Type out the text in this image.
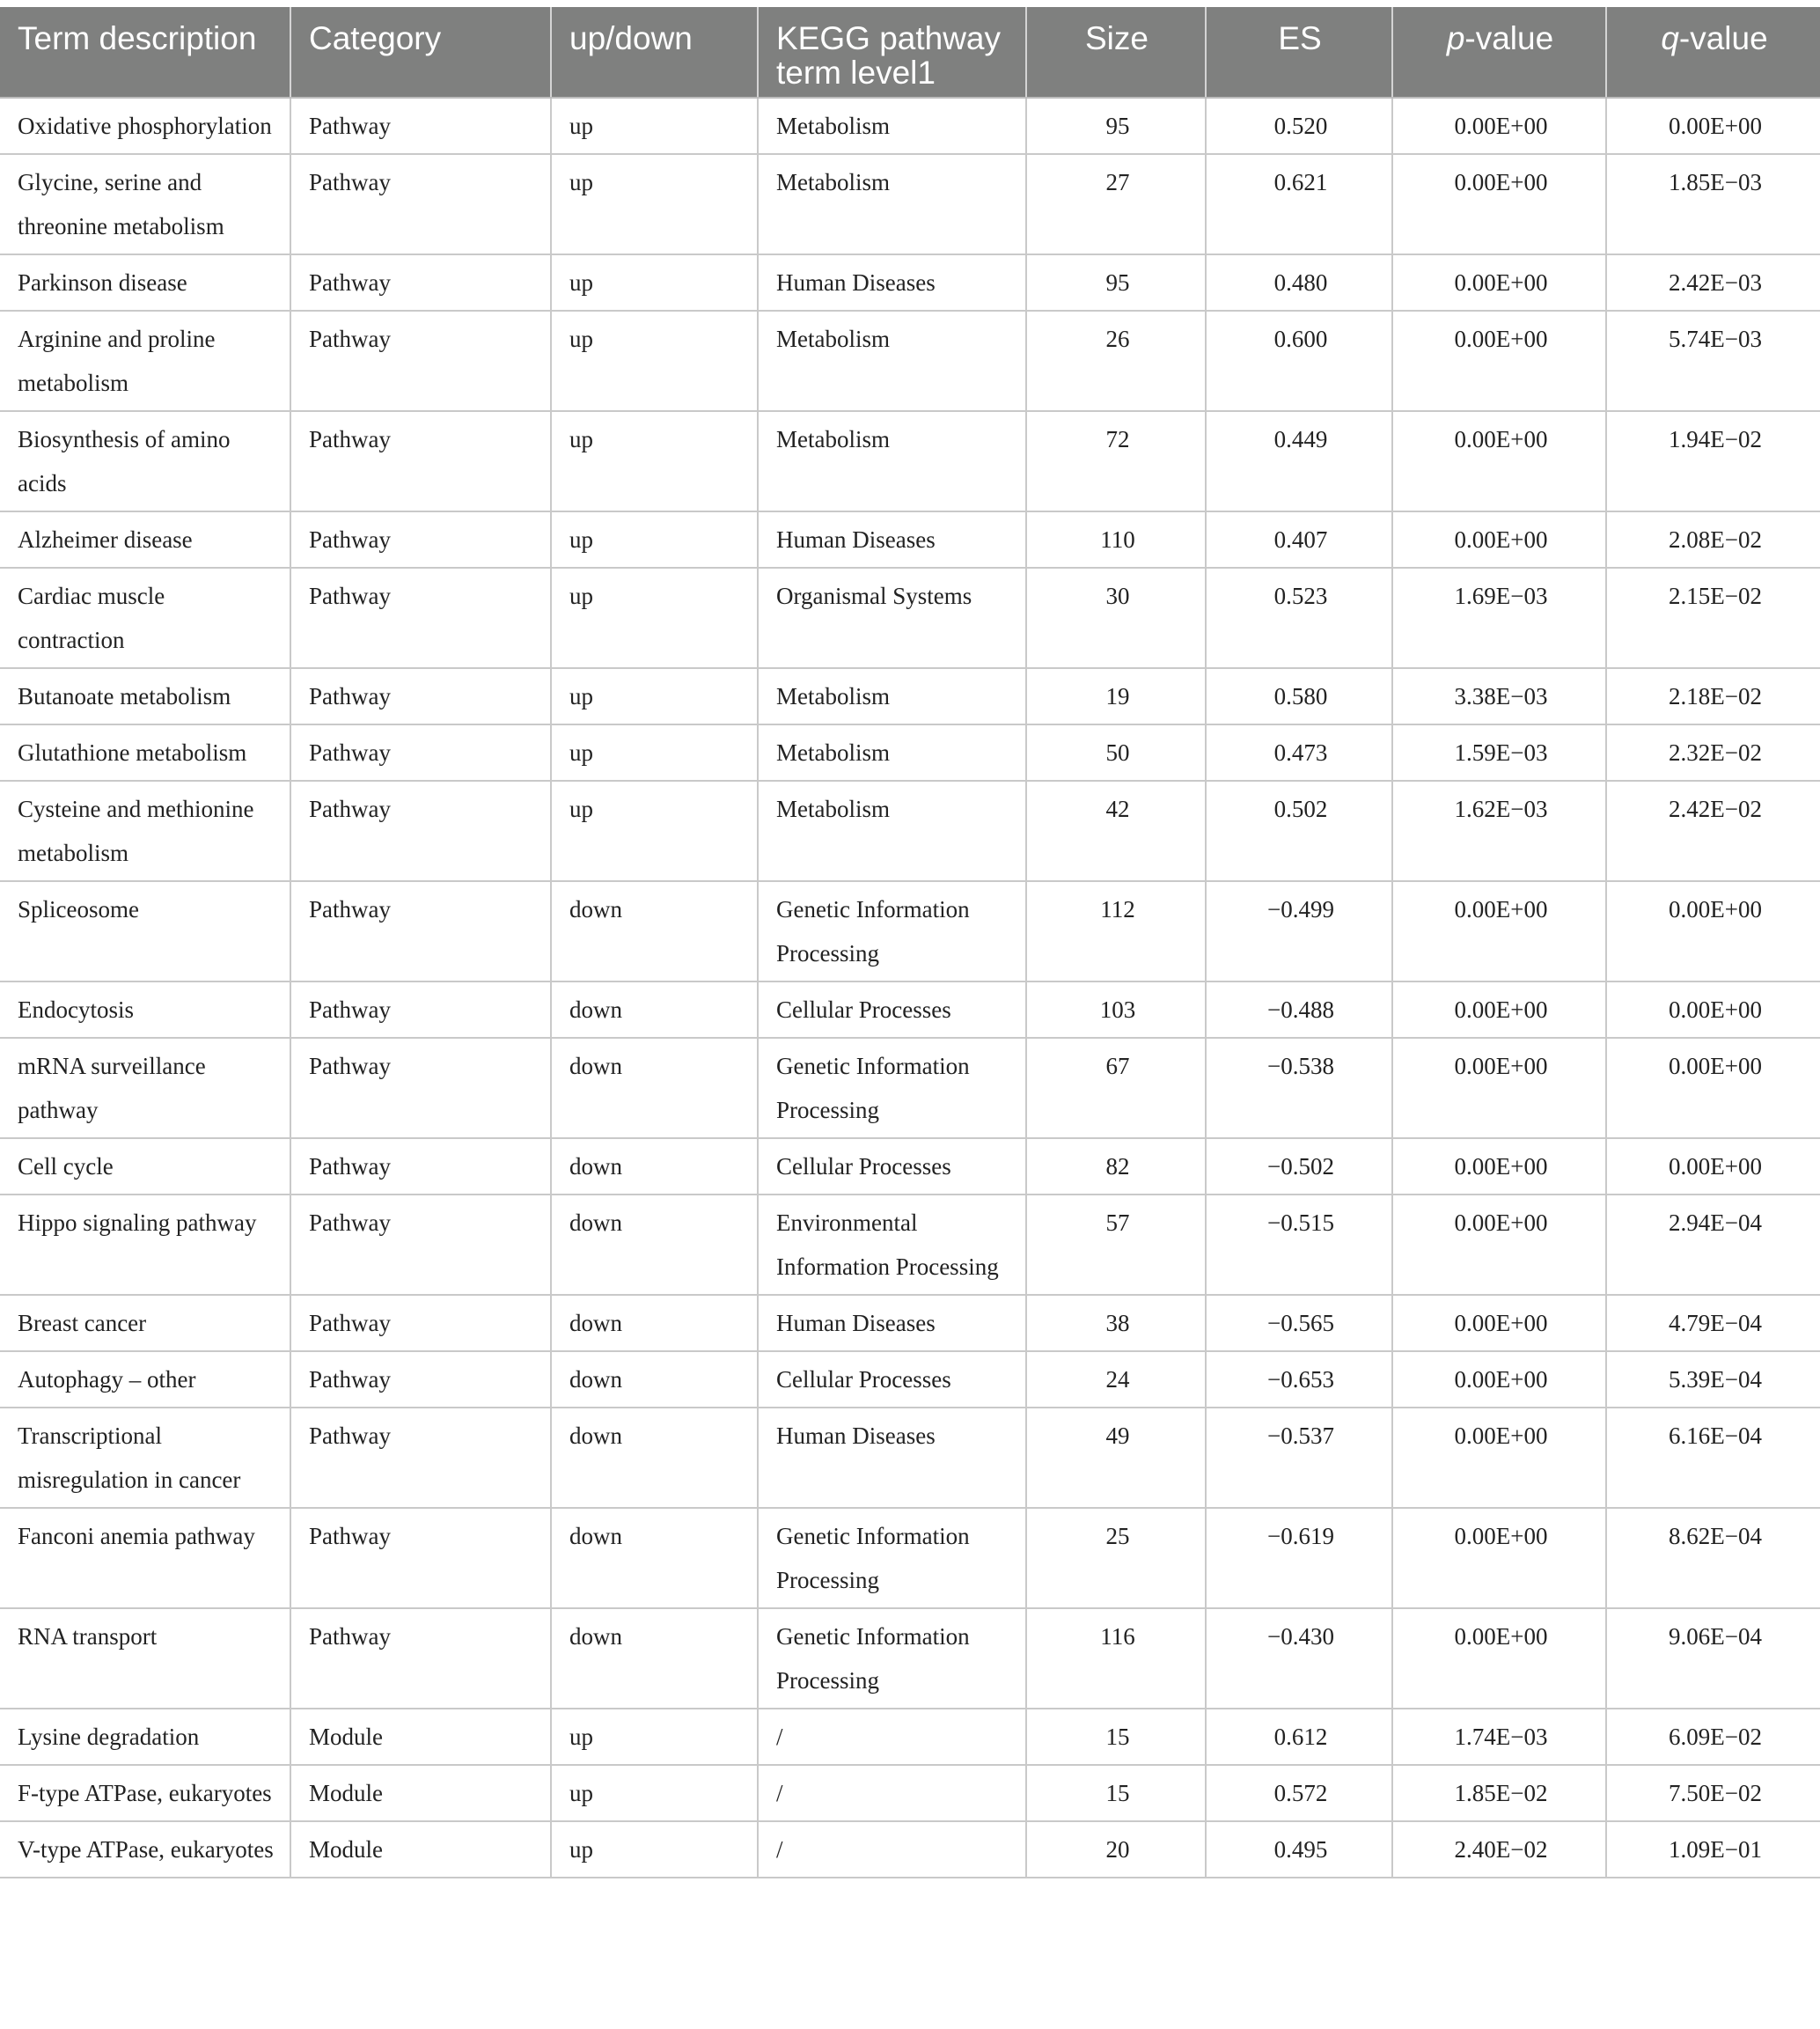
Term description	Category	up/down	KEGG pathway term level1	Size	ES	p-value	q-value
Oxidative phosphorylation	Pathway	up	Metabolism	95	0.520	0.00E+00	0.00E+00
Glycine, serine and threonine metabolism	Pathway	up	Metabolism	27	0.621	0.00E+00	1.85E−03
Parkinson disease	Pathway	up	Human Diseases	95	0.480	0.00E+00	2.42E−03
Arginine and proline metabolism	Pathway	up	Metabolism	26	0.600	0.00E+00	5.74E−03
Biosynthesis of amino acids	Pathway	up	Metabolism	72	0.449	0.00E+00	1.94E−02
Alzheimer disease	Pathway	up	Human Diseases	110	0.407	0.00E+00	2.08E−02
Cardiac muscle contraction	Pathway	up	Organismal Systems	30	0.523	1.69E−03	2.15E−02
Butanoate metabolism	Pathway	up	Metabolism	19	0.580	3.38E−03	2.18E−02
Glutathione metabolism	Pathway	up	Metabolism	50	0.473	1.59E−03	2.32E−02
Cysteine and methionine metabolism	Pathway	up	Metabolism	42	0.502	1.62E−03	2.42E−02
Spliceosome	Pathway	down	Genetic Information Processing	112	−0.499	0.00E+00	0.00E+00
Endocytosis	Pathway	down	Cellular Processes	103	−0.488	0.00E+00	0.00E+00
mRNA surveillance pathway	Pathway	down	Genetic Information Processing	67	−0.538	0.00E+00	0.00E+00
Cell cycle	Pathway	down	Cellular Processes	82	−0.502	0.00E+00	0.00E+00
Hippo signaling pathway	Pathway	down	Environmental Information Processing	57	−0.515	0.00E+00	2.94E−04
Breast cancer	Pathway	down	Human Diseases	38	−0.565	0.00E+00	4.79E−04
Autophagy – other	Pathway	down	Cellular Processes	24	−0.653	0.00E+00	5.39E−04
Transcriptional misregulation in cancer	Pathway	down	Human Diseases	49	−0.537	0.00E+00	6.16E−04
Fanconi anemia pathway	Pathway	down	Genetic Information Processing	25	−0.619	0.00E+00	8.62E−04
RNA transport	Pathway	down	Genetic Information Processing	116	−0.430	0.00E+00	9.06E−04
Lysine degradation	Module	up	/	15	0.612	1.74E−03	6.09E−02
F-type ATPase, eukaryotes	Module	up	/	15	0.572	1.85E−02	7.50E−02
V-type ATPase, eukaryotes	Module	up	/	20	0.495	2.40E−02	1.09E−01
